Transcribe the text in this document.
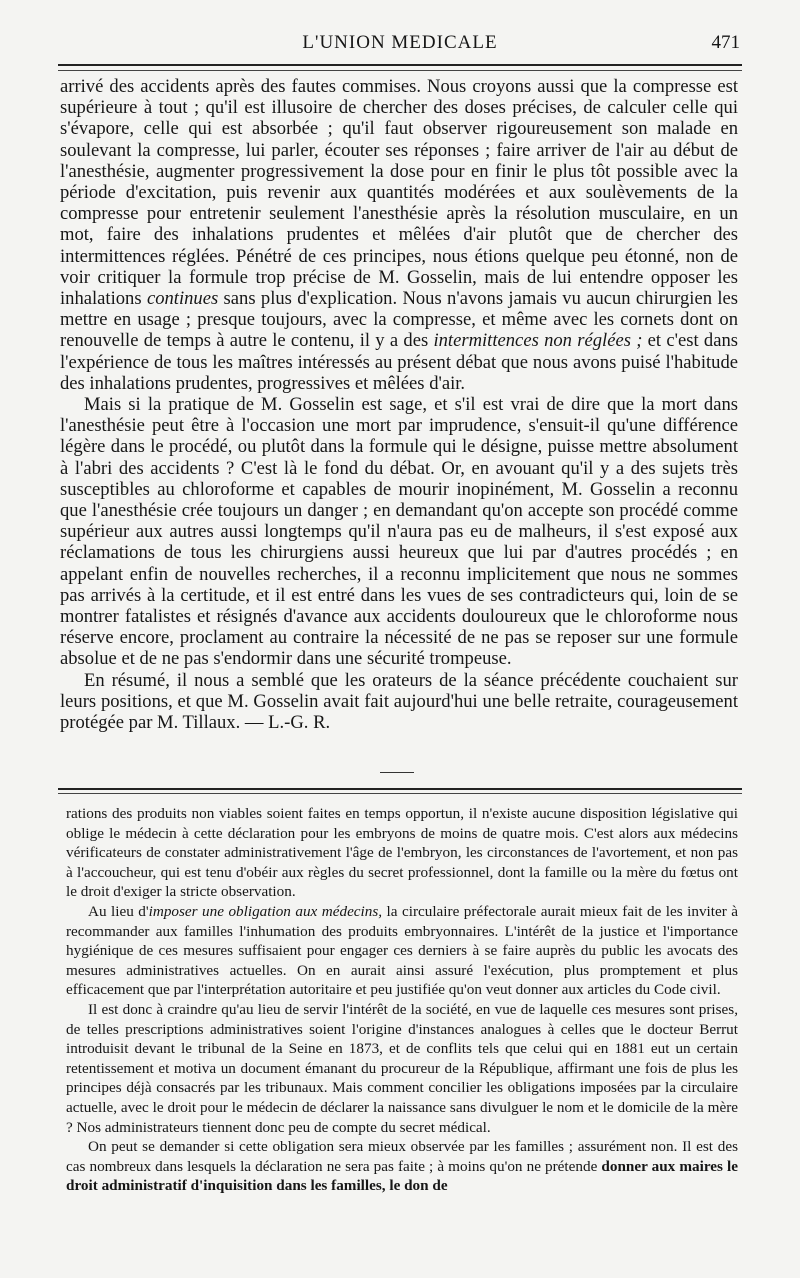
L'UNION MEDICALE	471

arrivé des accidents après des fautes commises. Nous croyons aussi que la compresse est supérieure à tout ; qu'il est illusoire de chercher des doses précises, de calculer celle qui s'évapore, celle qui est absorbée ; qu'il faut observer rigoureusement son malade en soulevant la compresse, lui parler, écouter ses réponses ; faire arriver de l'air au début de l'anesthésie, augmenter progressivement la dose pour en finir le plus tôt possible avec la période d'excitation, puis revenir aux quantités modérées et aux soulèvements de la compresse pour entretenir seulement l'anesthésie après la résolution musculaire, en un mot, faire des inhalations prudentes et mêlées d'air plutôt que de chercher des intermittences réglées. Pénétré de ces principes, nous étions quelque peu étonné, non de voir critiquer la formule trop précise de M. Gosselin, mais de lui entendre opposer les inhalations continues sans plus d'explication. Nous n'avons jamais vu aucun chirurgien les mettre en usage ; presque toujours, avec la compresse, et même avec les cornets dont on renouvelle de temps à autre le contenu, il y a des intermittences non réglées ; et c'est dans l'expérience de tous les maîtres intéressés au présent débat que nous avons puisé l'habitude des inhalations prudentes, progressives et mêlées d'air.

Mais si la pratique de M. Gosselin est sage, et s'il est vrai de dire que la mort dans l'anesthésie peut être à l'occasion une mort par imprudence, s'ensuit-il qu'une différence légère dans le procédé, ou plutôt dans la formule qui le désigne, puisse mettre absolument à l'abri des accidents ? C'est là le fond du débat. Or, en avouant qu'il y a des sujets très susceptibles au chloroforme et capables de mourir inopinément, M. Gosselin a reconnu que l'anesthésie crée toujours un danger ; en demandant qu'on accepte son procédé comme supérieur aux autres aussi longtemps qu'il n'aura pas eu de malheurs, il s'est exposé aux réclamations de tous les chirurgiens aussi heureux que lui par d'autres procédés ; en appelant enfin de nouvelles recherches, il a reconnu implicitement que nous ne sommes pas arrivés à la certitude, et il est entré dans les vues de ses contradicteurs qui, loin de se montrer fatalistes et résignés d'avance aux accidents douloureux que le chloroforme nous réserve encore, proclament au contraire la nécessité de ne pas se reposer sur une formule absolue et de ne pas s'endormir dans une sécurité trompeuse.

En résumé, il nous a semblé que les orateurs de la séance précédente couchaient sur leurs positions, et que M. Gosselin avait fait aujourd'hui une belle retraite, courageusement protégée par M. Tillaux. — L.-G. R.

rations des produits non viables soient faites en temps opportun, il n'existe aucune disposition législative qui oblige le médecin à cette déclaration pour les embryons de moins de quatre mois. C'est alors aux médecins vérificateurs de constater administrativement l'âge de l'embryon, les circonstances de l'avortement, et non pas à l'accoucheur, qui est tenu d'obéir aux règles du secret professionnel, dont la famille ou la mère du fœtus ont le droit d'exiger la stricte observation.

Au lieu d'imposer une obligation aux médecins, la circulaire préfectorale aurait mieux fait de les inviter à recommander aux familles l'inhumation des produits embryonnaires. L'intérêt de la justice et l'importance hygiénique de ces mesures suffisaient pour engager ces derniers à se faire auprès du public les avocats des mesures administratives actuelles. On en aurait ainsi assuré l'exécution, plus promptement et plus efficacement que par l'interprétation autoritaire et peu justifiée qu'on veut donner aux articles du Code civil.

Il est donc à craindre qu'au lieu de servir l'intérêt de la société, en vue de laquelle ces mesures sont prises, de telles prescriptions administratives soient l'origine d'instances analogues à celles que le docteur Berrut introduisit devant le tribunal de la Seine en 1873, et de conflits tels que celui qui en 1881 eut un certain retentissement et motiva un document émanant du procureur de la République, affirmant une fois de plus les principes déjà consacrés par les tribunaux. Mais comment concilier les obligations imposées par la circulaire actuelle, avec le droit pour le médecin de déclarer la naissance sans divulguer le nom et le domicile de la mère ? Nos administrateurs tiennent donc peu de compte du secret médical.

On peut se demander si cette obligation sera mieux observée par les familles ; assurément non. Il est des cas nombreux dans lesquels la déclaration ne sera pas faite ; à moins qu'on ne prétende donner aux maires le droit administratif d'inquisition dans les familles, le don de
